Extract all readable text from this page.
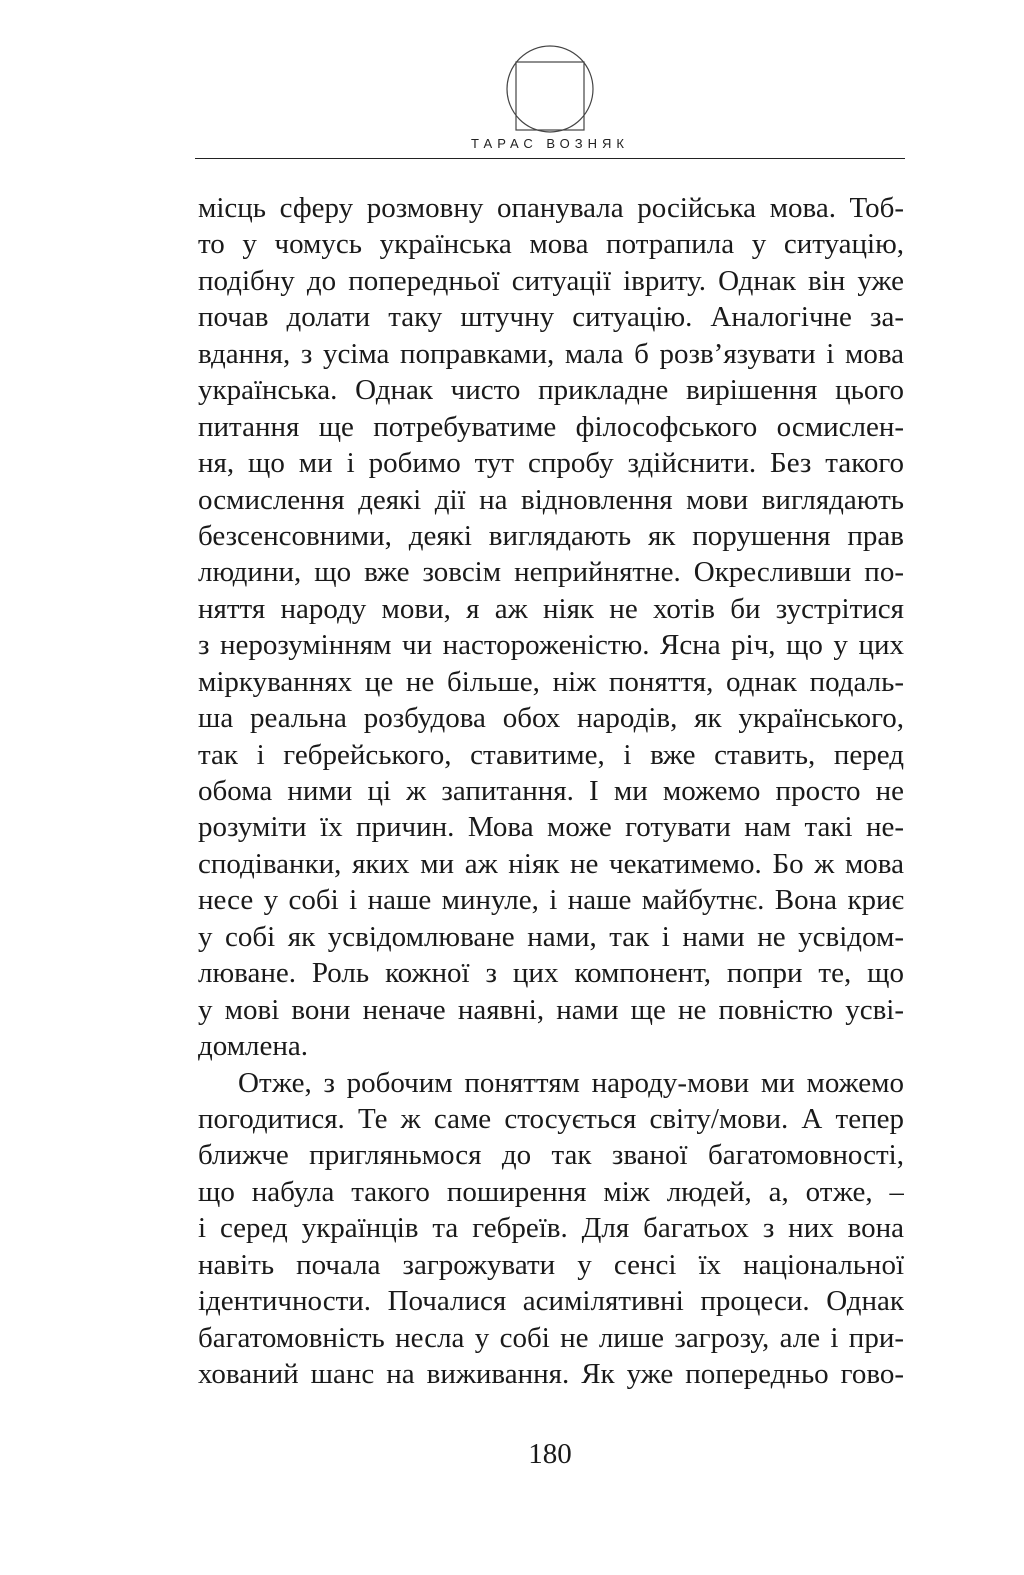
ТАРАС ВОЗНЯК
місць сферу розмовну опанувала російська мова. Тоб-
то у чомусь українська мова потрапила у ситуацію,
подібну до попередньої ситуації івриту. Однак він уже
почав долати таку штучну ситуацію. Аналогічне за-
вдання, з усіма поправками, мала б розв’язувати і мова
українська. Однак чисто прикладне вирішення цього
питання ще потребуватиме філософського осмислен-
ня, що ми і робимо тут спробу здійснити. Без такого
осмислення деякі дії на відновлення мови виглядають
безсенсовними, деякі виглядають як порушення прав
людини, що вже зовсім неприйнятне. Окресливши по-
няття народу мови, я аж ніяк не хотів би зустрітися
з нерозумінням чи настороженістю. Ясна річ, що у цих
міркуваннях це не більше, ніж поняття, однак подаль-
ша реальна розбудова обох народів, як українського,
так і гебрейського, ставитиме, і вже ставить, перед
обома ними ці ж запитання. І ми можемо просто не
розуміти їх причин. Мова може готувати нам такі не-
сподіванки, яких ми аж ніяк не чекатимемо. Бо ж мова
несе у собі і наше минуле, і наше майбутнє. Вона криє
у собі як усвідомлюване нами, так і нами не усвідом-
люване. Роль кожної з цих компонент, попри те, що
у мові вони неначе наявні, нами ще не повністю усві-
домлена.
Отже, з робочим поняттям народу-мови ми можемо
погодитися. Те ж саме стосується світу/мови. А тепер
ближче пригляньмося до так званої багатомовності,
що набула такого поширення між людей, а, отже, –
і серед українців та гебреїв. Для багатьох з них вона
навіть почала загрожувати у сенсі їх національної
ідентичности. Почалися асимілятивні процеси. Однак
багатомовність несла у собі не лише загрозу, але і при-
хований шанс на виживання. Як уже попередньо гово-
180
